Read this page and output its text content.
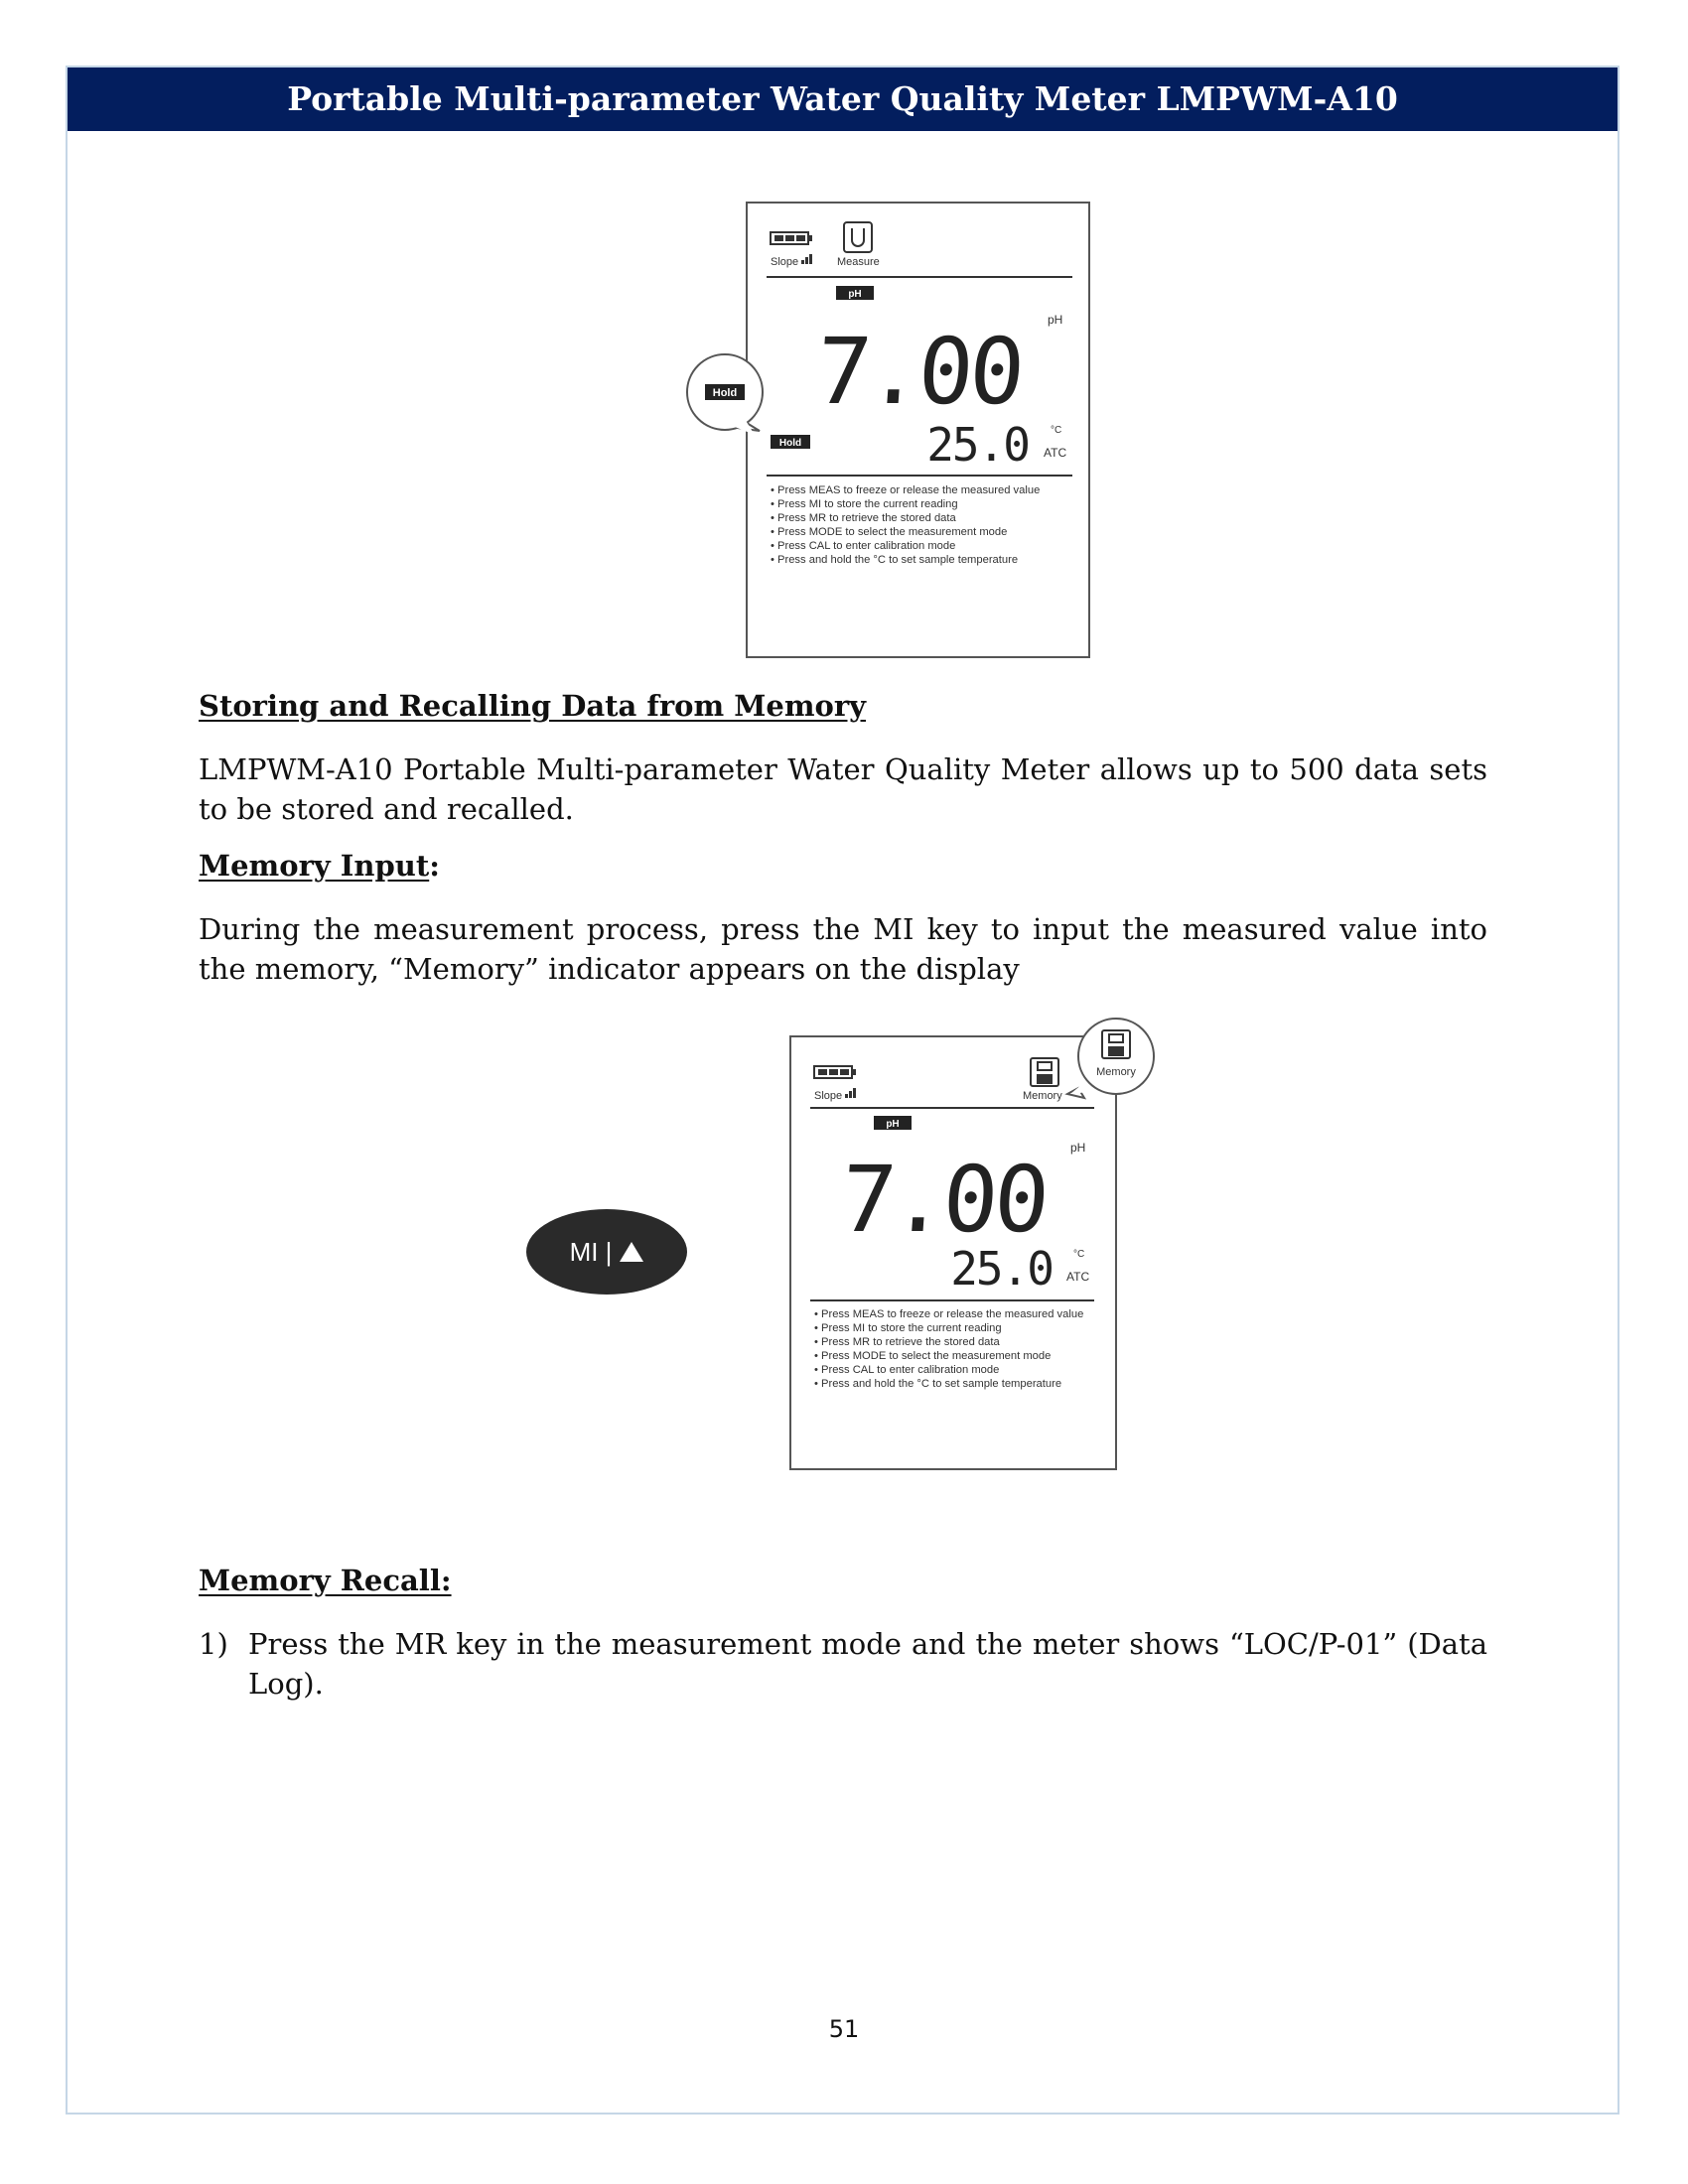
Portable Multi-parameter Water Quality Meter LMPWM-A10
Slope	Measure
pH
pH
7.00
25.0 °C
ATC
Hold
• Press MEAS to freeze or release the measured value
• Press MI to store the current reading
• Press MR to retrieve the stored data
• Press MODE to select the measurement mode
• Press CAL to enter calibration mode
• Press and hold the °C to set sample temperature
Hold
Storing and Recalling Data from Memory
LMPWM-A10 Portable Multi-parameter Water Quality Meter allows up to 500 data sets to be stored and recalled.
Memory Input:
During the measurement process, press the MI key to input the measured value into the memory, “Memory” indicator appears on the display
MI |
Slope	Memory
pH
pH
7.00
25.0 °C
ATC
• Press MEAS to freeze or release the measured value
• Press MI to store the current reading
• Press MR to retrieve the stored data
• Press MODE to select the measurement mode
• Press CAL to enter calibration mode
• Press and hold the °C to set sample temperature
Memory
Memory Recall:
1) Press the MR key in the measurement mode and the meter shows “LOC/P-01” (Data Log).
51
